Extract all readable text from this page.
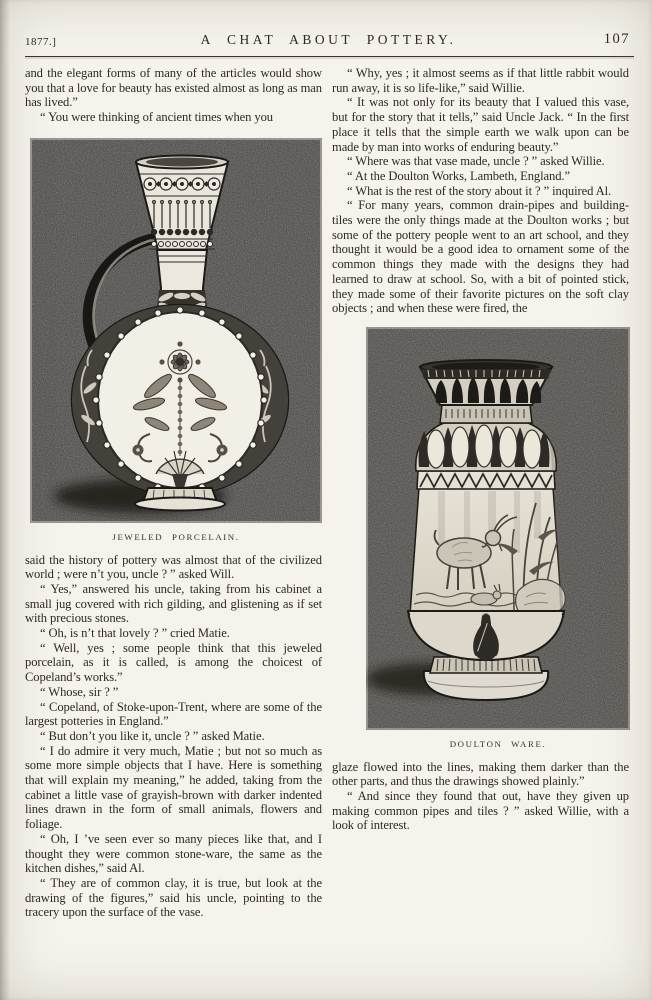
1877.]	A CHAT ABOUT POTTERY.	107

and the elegant forms of many of the articles would show you that a love for beauty has existed almost as long as man has lived.”

“ You were thinking of ancient times when you

JEWELED PORCELAIN.

said the history of pottery was almost that of the civilized world ; were n’t you, uncle ? ” asked Will.

“ Yes,” answered his uncle, taking from his cabinet a small jug covered with rich gilding, and glistening as if set with precious stones.

“ Oh, is n’t that lovely ? ” cried Matie.

“ Well, yes ; some people think that this jeweled porcelain, as it is called, is among the choicest of Copeland’s works.”

“ Whose, sir ? ”

“ Copeland, of Stoke-upon-Trent, where are some of the largest potteries in England.”

“ But don’t you like it, uncle ? ” asked Matie.

“ I do admire it very much, Matie ; but not so much as some more simple objects that I have. Here is something that will explain my meaning,” he added, taking from the cabinet a little vase of grayish-brown with darker indented lines drawn in the form of small animals, flowers and foliage.

“ Oh, I ’ve seen ever so many pieces like that, and I thought they were common stone-ware, the same as the kitchen dishes,” said Al.

“ They are of common clay, it is true, but look at the drawing of the figures,” said his uncle, pointing to the tracery upon the surface of the vase.

“ Why, yes ; it almost seems as if that little rabbit would run away, it is so life-like,” said Willie.

“ It was not only for its beauty that I valued this vase, but for the story that it tells,” said Uncle Jack. “ In the first place it tells that the simple earth we walk upon can be made by man into works of enduring beauty.”

“ Where was that vase made, uncle ? ” asked Willie.

“ At the Doulton Works, Lambeth, England.”

“ What is the rest of the story about it ? ” inquired Al.

“ For many years, common drain-pipes and building-tiles were the only things made at the Doulton works ; but some of the pottery people went to an art school, and they thought it would be a good idea to ornament some of the common things they made with the designs they had learned to draw at school. So, with a bit of pointed stick, they made some of their favorite pictures on the soft clay objects ; and when these were fired, the

DOULTON WARE.

glaze flowed into the lines, making them darker than the other parts, and thus the drawings showed plainly.”

“ And since they found that out, have they given up making common pipes and tiles ? ” asked Willie, with a look of interest.
